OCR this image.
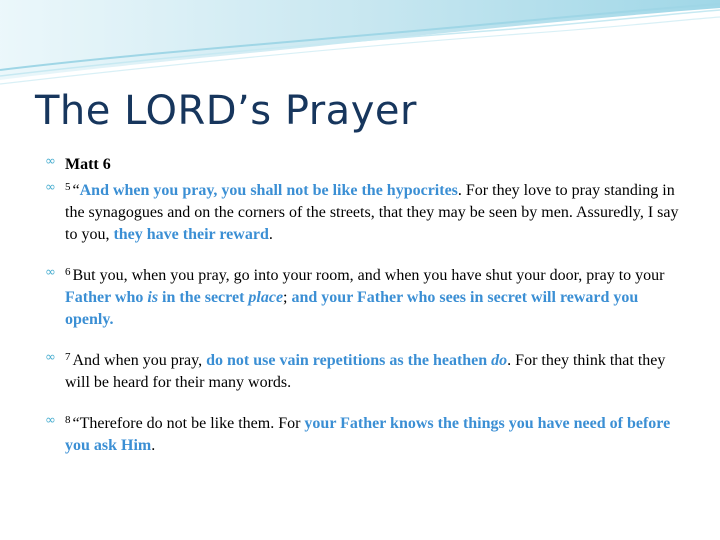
The LORD’s Prayer
∞ Matt 6
∞ $^5$ “And when you pray, you shall not be like the hypocrites. For they love to pray standing in the synagogues and on the corners of the streets, that they may be seen by men. Assuredly, I say to you, they have their reward.
∞ $^6$ But you, when you pray, go into your room, and when you have shut your door, pray to your Father who is in the secret place; and your Father who sees in secret will reward you openly.
∞ $^7$ And when you pray, do not use vain repetitions as the heathen do. For they think that they will be heard for their many words.
∞ $^8$ “Therefore do not be like them. For your Father knows the things you have need of before you ask Him.
